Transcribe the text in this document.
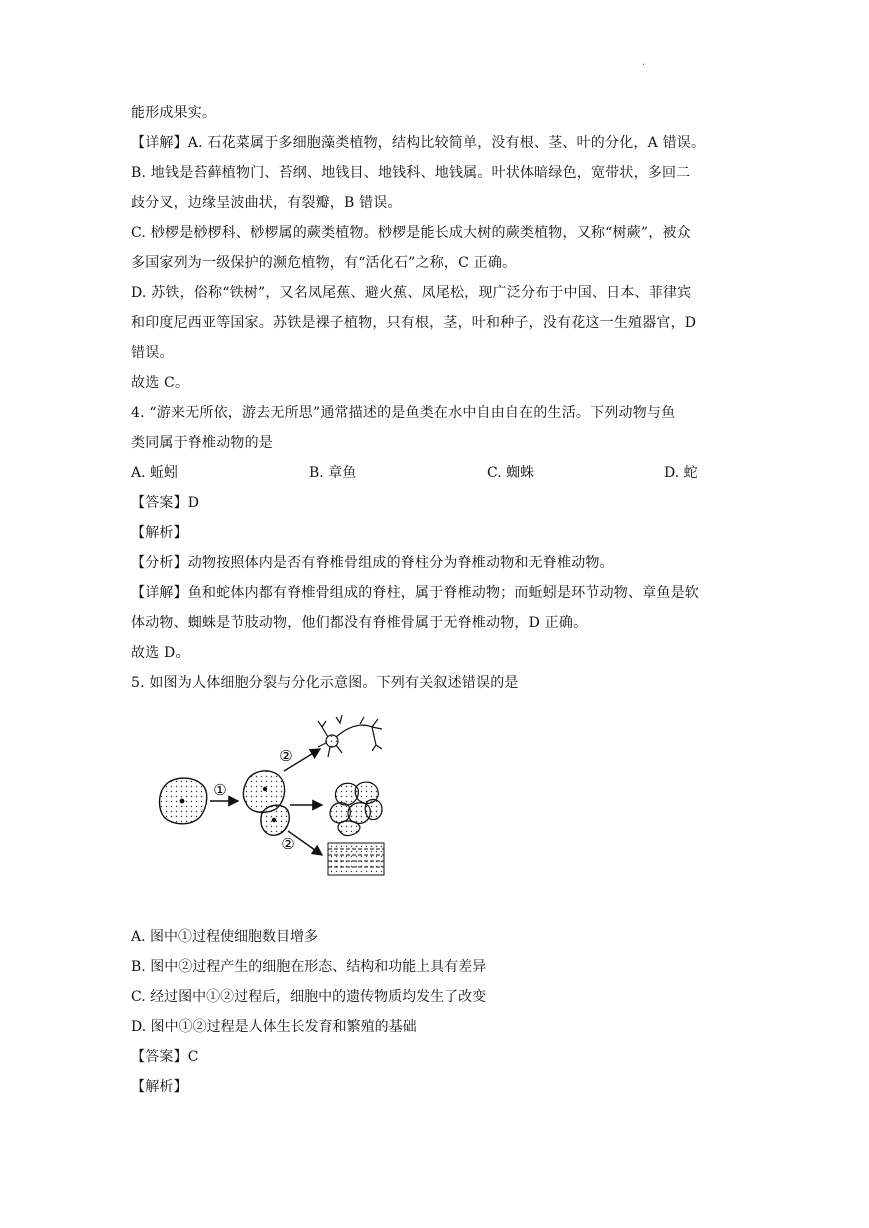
.
能形成果实。
【详解】A. 石花菜属于多细胞藻类植物，结构比较简单，没有根、茎、叶的分化，A 错误。
B. 地钱是苔藓植物门、苔纲、地钱目、地钱科、地钱属。叶状体暗绿色，宽带状，多回二
歧分叉，边缘呈波曲状，有裂瓣，B 错误。
C. 桫椤是桫椤科、桫椤属的蕨类植物。桫椤是能长成大树的蕨类植物，又称“树蕨”，被众
多国家列为一级保护的濒危植物，有“活化石”之称，C 正确。
D. 苏铁，俗称“铁树”，又名凤尾蕉、避火蕉、凤尾松，现广泛分布于中国、日本、菲律宾
和印度尼西亚等国家。苏铁是裸子植物，只有根，茎，叶和种子，没有花这一生殖器官，D
错误。
故选 C。
4. “游来无所依，游去无所思”通常描述的是鱼类在水中自由自在的生活。下列动物与鱼
类同属于脊椎动物的是
A. 蚯蚓	B. 章鱼	C. 蜘蛛	D. 蛇
【答案】D
【解析】
【分析】动物按照体内是否有脊椎骨组成的脊柱分为脊椎动物和无脊椎动物。
【详解】鱼和蛇体内都有脊椎骨组成的脊柱，属于脊椎动物；而蚯蚓是环节动物、章鱼是软
体动物、蜘蛛是节肢动物，他们都没有脊椎骨属于无脊椎动物，D 正确。
故选 D。
5. 如图为人体细胞分裂与分化示意图。下列有关叙述错误的是
①
②
②
A. 图中①过程使细胞数目增多
B. 图中②过程产生的细胞在形态、结构和功能上具有差异
C. 经过图中①②过程后，细胞中的遗传物质均发生了改变
D. 图中①②过程是人体生长发育和繁殖的基础
【答案】C
【解析】
